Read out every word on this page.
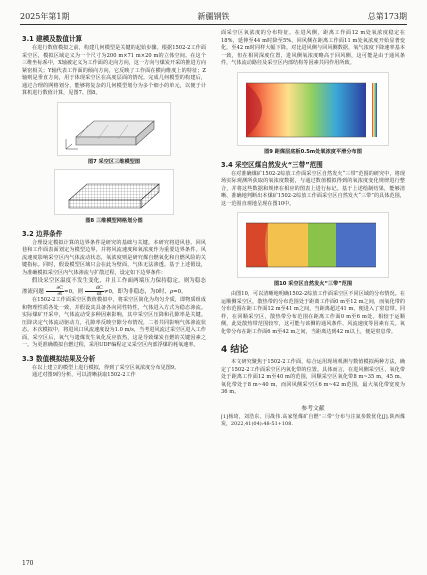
2025年第1期	新疆钢铁	总第173期
3.1 建模及数值计算

在进行数值模拟之前，构建几何模型是关键的起始步骤。根据1502-2工作面采空区，模拟区域定义为一个尺寸为200 m×71 m×20 m的立体空间。在这个三维坐标系中，X轴被定义为工作面的走向方向，这一方向与煤炭开采的推进方向紧密相关；Y轴代表工作面的倾向方向，它反映了工作面在横向维度上的特征；Z轴则是垂直方向，用于体现采空区在高度层面的情况。完成几何模型的构建后，通过合理的网格划分，能够将复杂的几何模型划分为多个细小的单元，以便于计算机进行数值计算，见图7、图8。

图7 采空区三维模型图
图8 三维模型网格划分图
3.2 边界条件

合理设定模拟计算的边界条件是研究的基础与关键。本研究将进风巷、回风巷和工作面表面划定为模型边界，并将风流速度和氧浓度作为重要边界条件。风流速度影响采空区内气体流动状态，氧浓度则是研究煤自燃氧化和自燃风险的关键指标。同时，假设模型区域只会在此为壁面，气体无法渗透。基于上述假设，为准确模拟采空区内气体渗流与扩散过程，设定如下边界条件：

假设采空区温度不发生变化，并且工作面两端压力保持稳定，则为稳态渗流问题 $\frac{\partial C}{\partial t} =0$，则 $\frac{dC}{dt} \ne 0$，即为非稳态，为0时，ρ=0。

在1502-2工作面采空区数值模拟中，将采空区简化为均匀介质，即物质组成和物理性质各处一致，并假设其具备各向同性特性，气体进入方式为稳态渗流。实际煤矿开采中，气体流动受多种因素影响，其中采空区压降和孔隙率是关键。压降决定气体流动驱动力，孔隙率反映空隙分布情况，二者共同影响气体渗流状态。本次模拟中，将进风口风流速度设为1.0 m/s，当考进风流过采空区进入工作面，采空区后，氧气与遗煤发生氧化反应放热，这是导致煤炭自燃的关键因素之一。为更准确模拟自燃过程，采用UDF编程定义采空区内部浮煤的耗氧速率。

3.3 数值模拟结果及分析

在以上建立的模型上进行模拟，得到了采空区氧浓度分布见图9。

通过对图9的分析，可以清晰获取1502-2工作

面采空区氧浓度的分布特征。在进风侧，距离工作面12 m处氧浓度稳定在18%，延伸至44 m时降至5%。回风侧在距离工作面11 m处氧浓度开始显著变化，至42 m时同样大幅下降。对比进风侧与回风侧数据，氧气浓度下降速率基本一致，但在相同深度位置，进风侧氧浓度略高于回风侧，这可能是由于通风条件，气体流动路径及采空区内部结构等因素共同作用所致。

图9 距煤层底板0.5m处氧浓度平滑分布图
3.4 采空区煤自然发火“三带”范围

在对准确煤矿1502-2综放工作面采空区自然发火“三带”范围的研究中，将现场实际观测所获取的氧浓度数据，与通过数值模拟得到的氧浓度变化规律进行整合，并将这些数据和规律在相应的图表上进行标记。基于上述绘制结果，能够清晰、准确地判断出本煤矿1502-2综放工作面采空区自然发火“三带”的具体范围，这一范围直观地呈现在图10中。

图10 采空区自然发火“三带”范围

由图10，可以清晰地明确1502-2综放工作面采空区不同区域的分布情况。在运顺侧采空区，散热带的分布范围处于距离工作面0 m至12 m之间，而氧化带的分布范围在距工作面12 m至41 m之间，当距离超过41 m，便进入了窒息带。同样，在回顺采空区，散热带分布范围在距离工作面0 m至6 m处。相较于运顺侧，此处散热带范围较窄，这可能与该侧的通风条件、风流速度等因素有关。氧化带分布在距工作面6 m至42 m之间，当距离达到42 m以上，便是窒息带。

4 结论

本文研究聚焦于1502-2工作面，综合运用现场观测与数值模拟两种方法，确定了1502-2工作面采空区内氧化带的位置。具体而言，在进风侧采空区，氧化带处于距离工作面12 m至40 m的范围，回顺采空区氧化带8 m~35 m，45 m、氧化带处于8 m~40 m，而回风侧采空区6 m~42 m范围，最大氧化带宽度为36 m。

参考文献

[1]杨琦，刘浩东，闫战伟.高家堡煤矿自燃“三带”分布与注氮参数优化[J].陕西煤炭，2022,41(04):48-51+108.

170
